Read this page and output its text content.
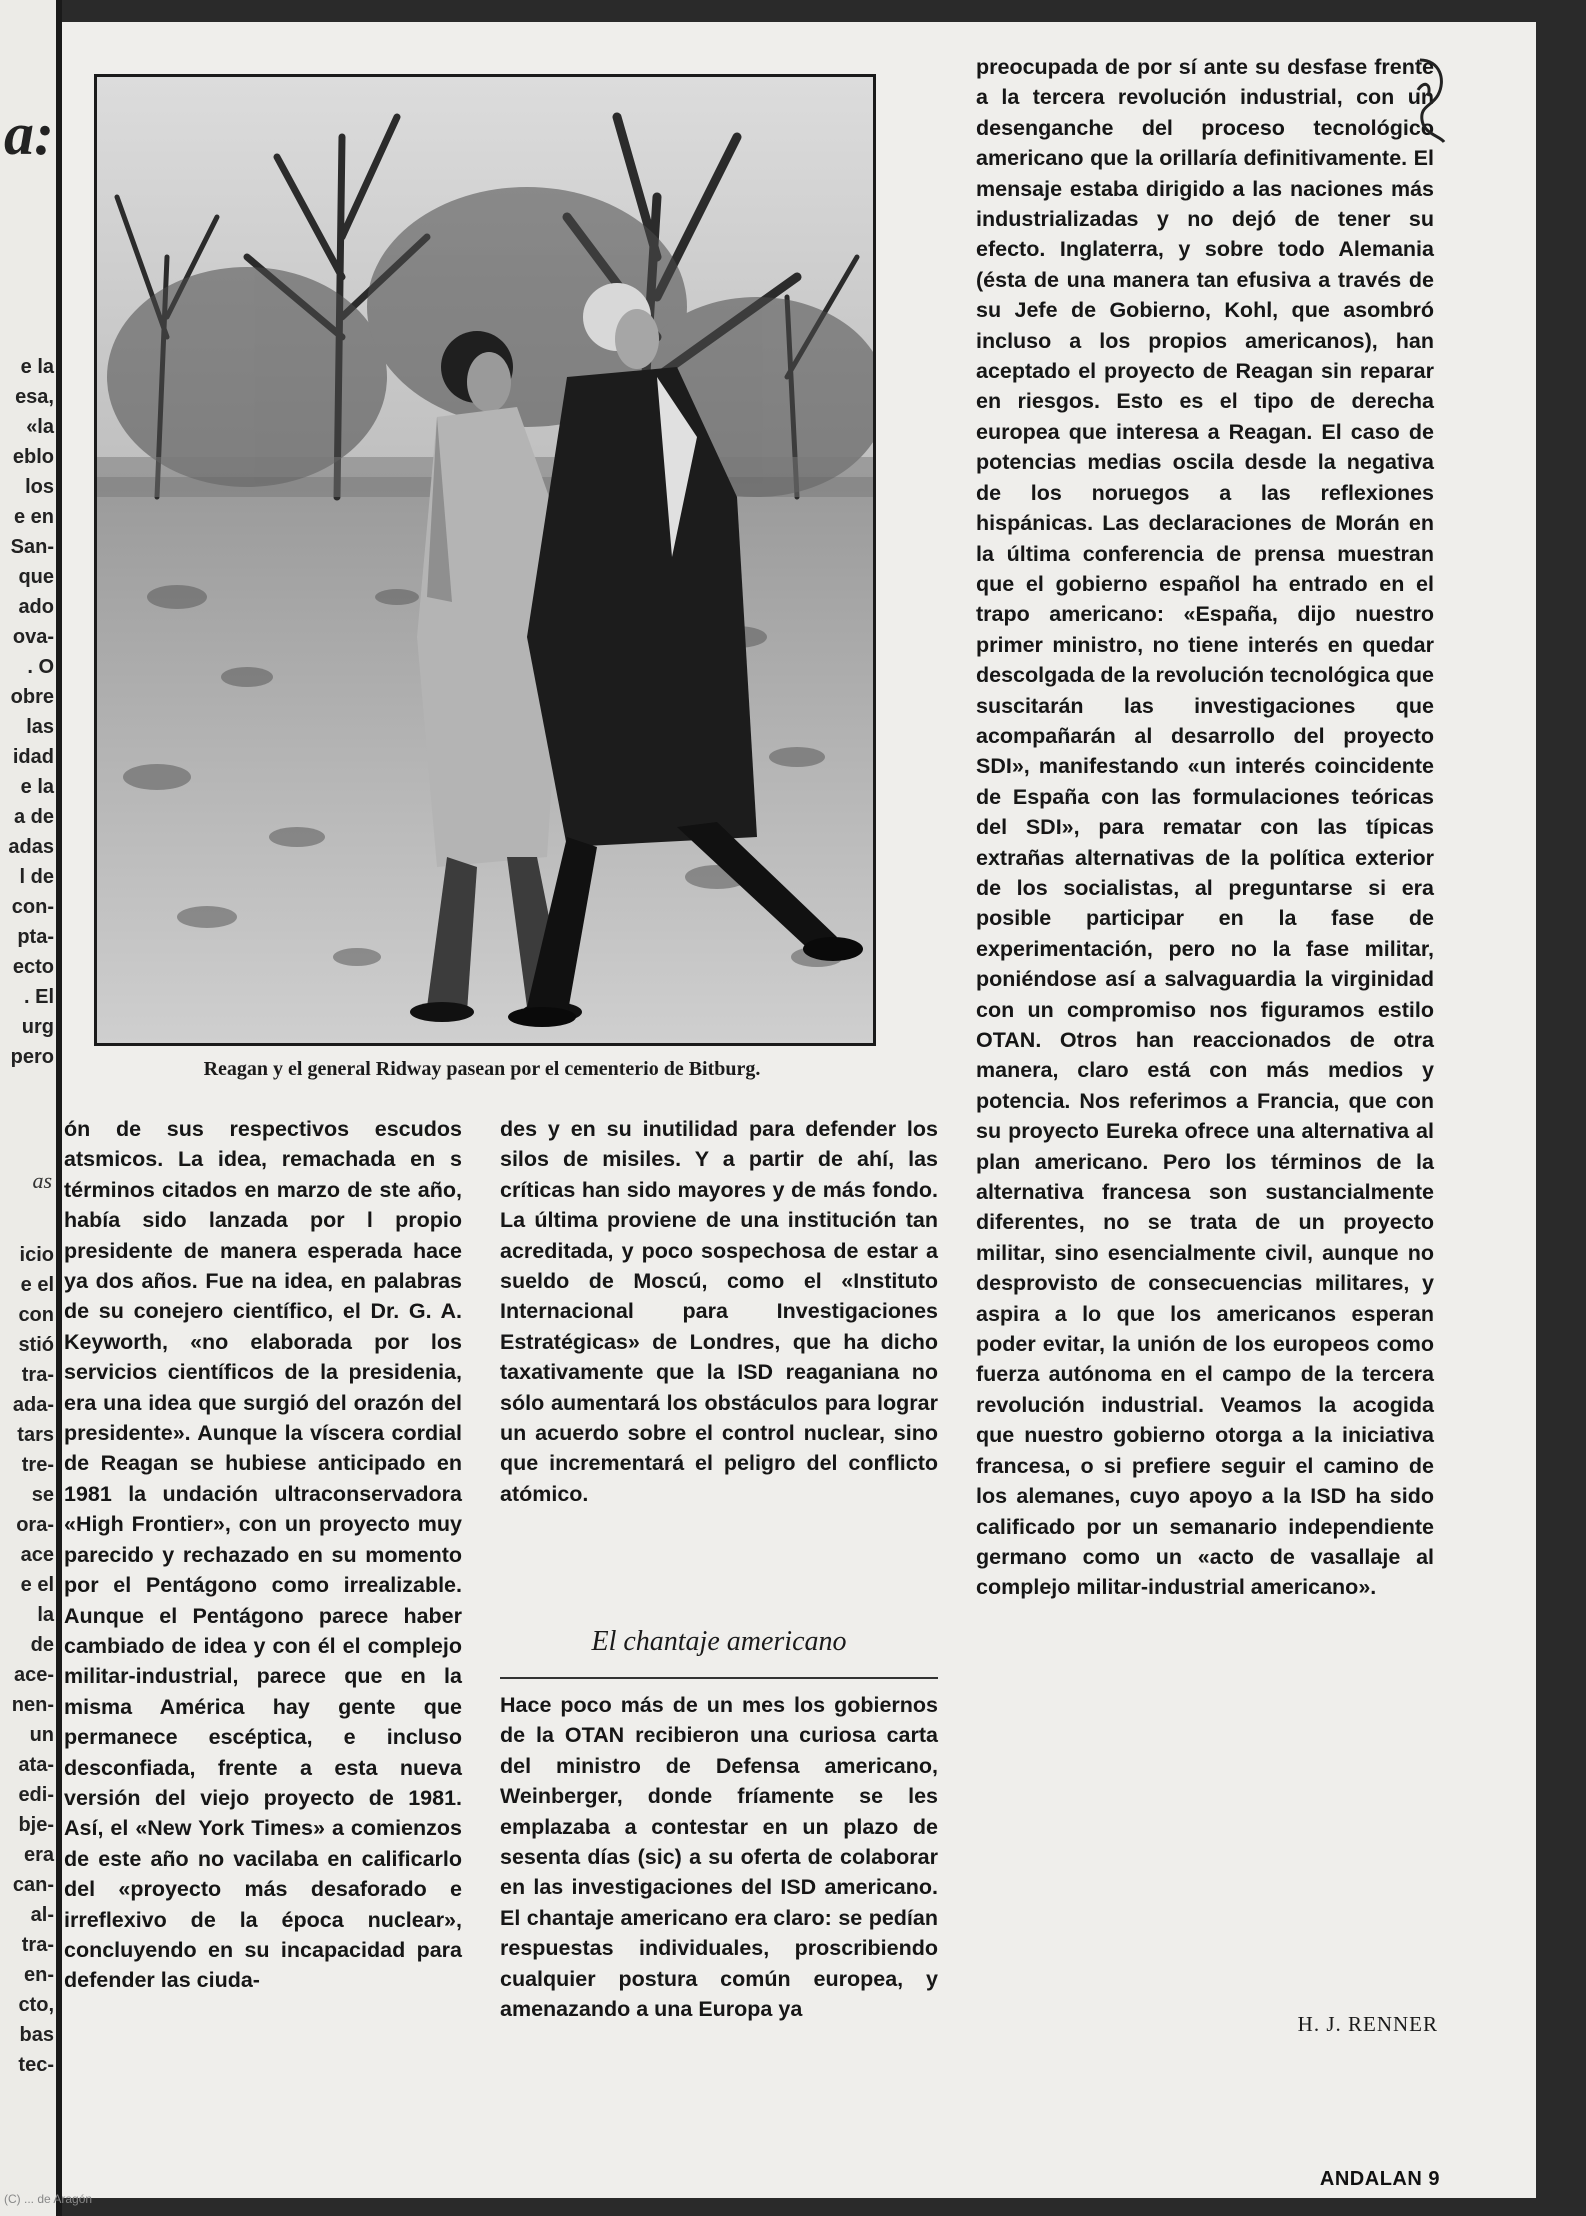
a:
e la
esa,
«la
eblo
los
e en
San-
que
ado
ova-
. O
obre
las
idad
e la
a de
adas
l de
con-
pta-
ecto
. El
urg
pero
as
icio
e el
con
stió
tra-
ada-
tars
tre-
se
ora-
ace
e el
la
de
ace-
nen-
un
ata-
edi-
bje-
era
can-
al-
tra-
en-
cto,
bas
tec-
Reagan y el general Ridway pasean por el cementerio de Bitburg.

ón de sus respectivos escudos atsmicos. La idea, remachada en s términos citados en marzo de ste año, había sido lanzada por l propio presidente de manera esperada hace ya dos años. Fue na idea, en palabras de su conejero científico, el Dr. G. A. Keyworth, «no elaborada por los servicios científicos de la presidenia, era una idea que surgió del orazón del presidente». Aunque la víscera cordial de Reagan se hubiese anticipado en 1981 la undación ultraconservadora «High Frontier», con un proyecto muy parecido y rechazado en su momento por el Pentágono como irrealizable. Aunque el Pentágono parece haber cambiado de idea y con él el complejo militar-industrial, parece que en la misma América hay gente que permanece escéptica, e incluso desconfiada, frente a esta nueva versión del viejo proyecto de 1981. Así, el «New York Times» a comienzos de este año no vacilaba en calificarlo del «proyecto más desaforado e irreflexivo de la época nuclear», concluyendo en su incapacidad para defender las ciuda-

des y en su inutilidad para defender los silos de misiles. Y a partir de ahí, las críticas han sido mayores y de más fondo. La última proviene de una institución tan acreditada, y poco sospechosa de estar a sueldo de Moscú, como el «Instituto Internacional para Investigaciones Estratégicas» de Londres, que ha dicho taxativamente que la ISD reaganiana no sólo aumentará los obstáculos para lograr un acuerdo sobre el control nuclear, sino que incrementará el peligro del conflicto atómico.

El chantaje americano

Hace poco más de un mes los gobiernos de la OTAN recibieron una curiosa carta del ministro de Defensa americano, Weinberger, donde fríamente se les emplazaba a contestar en un plazo de sesenta días (sic) a su oferta de colaborar en las investigaciones del ISD americano. El chantaje americano era claro: se pedían respuestas individuales, proscribiendo cualquier postura común europea, y amenazando a una Europa ya

preocupada de por sí ante su desfase frente a la tercera revolución industrial, con un desenganche del proceso tecnológico americano que la orillaría definitivamente. El mensaje estaba dirigido a las naciones más industrializadas y no dejó de tener su efecto. Inglaterra, y sobre todo Alemania (ésta de una manera tan efusiva a través de su Jefe de Gobierno, Kohl, que asombró incluso a los propios americanos), han aceptado el proyecto de Reagan sin reparar en riesgos. Esto es el tipo de derecha europea que interesa a Reagan. El caso de potencias medias oscila desde la negativa de los noruegos a las reflexiones hispánicas. Las declaraciones de Morán en la última conferencia de prensa muestran que el gobierno español ha entrado en el trapo americano: «España, dijo nuestro primer ministro, no tiene interés en quedar descolgada de la revolución tecnológica que suscitarán las investigaciones que acompañarán al desarrollo del proyecto SDI», manifestando «un interés coincidente de España con las formulaciones teóricas del SDI», para rematar con las típicas extrañas alternativas de la política exterior de los socialistas, al preguntarse si era posible participar en la fase de experimentación, pero no la fase militar, poniéndose así a salvaguardia la virginidad con un compromiso nos figuramos estilo OTAN. Otros han reaccionados de otra manera, claro está con más medios y potencia. Nos referimos a Francia, que con su proyecto Eureka ofrece una alternativa al plan americano. Pero los términos de la alternativa francesa son sustancialmente diferentes, no se trata de un proyecto militar, sino esencialmente civil, aunque no desprovisto de consecuencias militares, y aspira a lo que los americanos esperan poder evitar, la unión de los europeos como fuerza autónoma en el campo de la tercera revolución industrial. Veamos la acogida que nuestro gobierno otorga a la iniciativa francesa, o si prefiere seguir el camino de los alemanes, cuyo apoyo a la ISD ha sido calificado por un semanario independiente germano como un «acto de vasallaje al complejo militar-industrial americano».

H. J. RENNER
ANDALAN 9
(C) ... de Aragón
